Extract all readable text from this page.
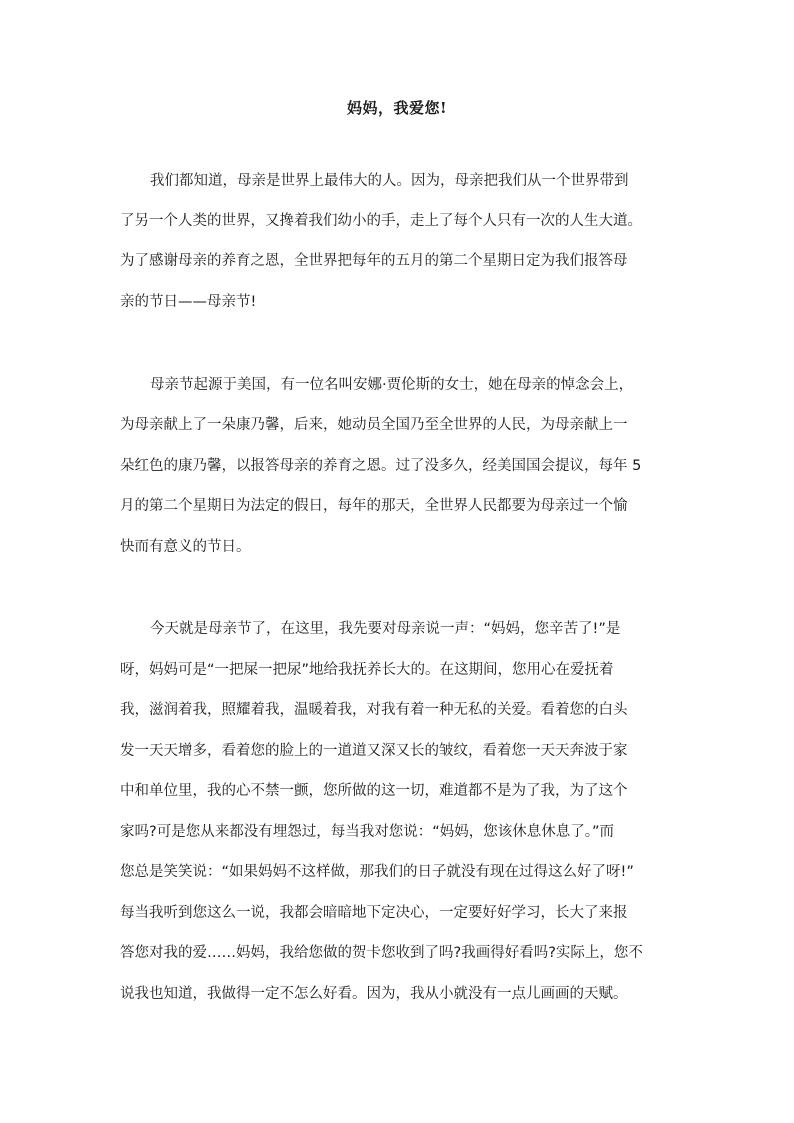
妈妈，我爱您!
我们都知道，母亲是世界上最伟大的人。因为，母亲把我们从一个世界带到
了另一个人类的世界，又搀着我们幼小的手，走上了每个人只有一次的人生大道。
为了感谢母亲的养育之恩，全世界把每年的五月的第二个星期日定为我们报答母
亲的节日——母亲节!
母亲节起源于美国，有一位名叫安娜·贾伦斯的女士，她在母亲的悼念会上，
为母亲献上了一朵康乃馨，后来，她动员全国乃至全世界的人民，为母亲献上一
朵红色的康乃馨，以报答母亲的养育之恩。过了没多久，经美国国会提议，每年 5
月的第二个星期日为法定的假日，每年的那天，全世界人民都要为母亲过一个愉
快而有意义的节日。
今天就是母亲节了，在这里，我先要对母亲说一声：“妈妈，您辛苦了!”是
呀，妈妈可是“一把屎一把尿”地给我抚养长大的。在这期间，您用心在爱抚着
我，滋润着我，照耀着我，温暖着我，对我有着一种无私的关爱。看着您的白头
发一天天增多，看着您的脸上的一道道又深又长的皱纹，看着您一天天奔波于家
中和单位里，我的心不禁一颤，您所做的这一切，难道都不是为了我，为了这个
家吗?可是您从来都没有埋怨过，每当我对您说：“妈妈，您该休息休息了。”而
您总是笑笑说：“如果妈妈不这样做，那我们的日子就没有现在过得这么好了呀!”
每当我听到您这么一说，我都会暗暗地下定决心，一定要好好学习，长大了来报
答您对我的爱……妈妈，我给您做的贺卡您收到了吗?我画得好看吗?实际上，您不
说我也知道，我做得一定不怎么好看。因为，我从小就没有一点儿画画的天赋。
